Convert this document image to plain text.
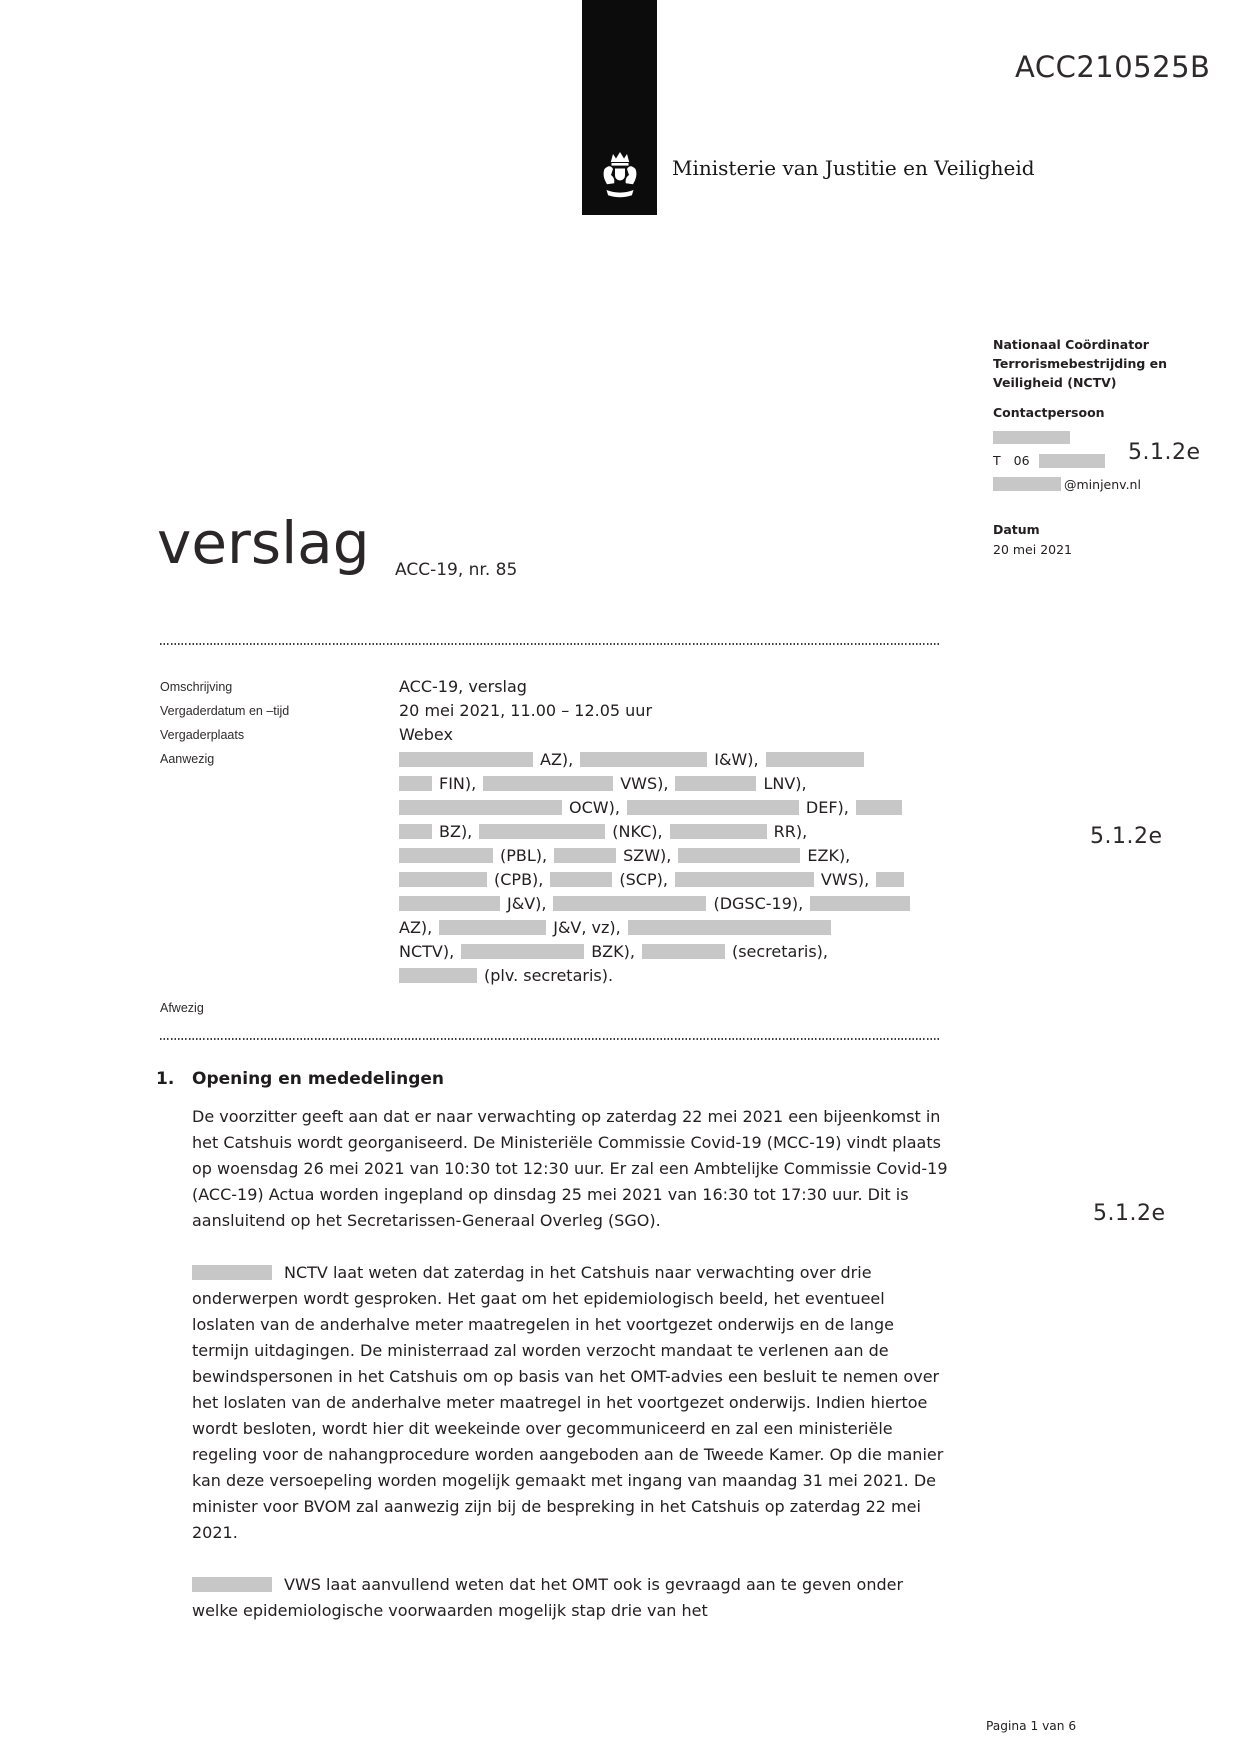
Ministerie van Justitie en Veiligheid
ACC210525B
Nationaal Coördinator Terrorismebestrijding en Veiligheid (NCTV)
Contactpersoon
T 06
@minjenv.nl
Datum
20 mei 2021
5.1.2e
verslag ACC-19, nr. 85
Omschrijving	ACC-19, verslag
Vergaderdatum en –tijd	20 mei 2021, 11.00 – 12.05 uur
Vergaderplaats	Webex
Aanwezig	AZ),	I&W),
FIN),	VWS),	LNV),
OCW),	DEF),
BZ),	(NKC),	RR),
(PBL),	SZW),	EZK),
(CPB),	(SCP),	VWS),
J&V),	(DGSC-19),
AZ),	J&V, vz),
NCTV),	BZK),	(secretaris),
(plv. secretaris).
5.1.2e
Afwezig
1.	Opening en mededelingen

De voorzitter geeft aan dat er naar verwachting op zaterdag 22 mei 2021 een bijeenkomst in het Catshuis wordt georganiseerd. De Ministeriële Commissie Covid-19 (MCC-19) vindt plaats op woensdag 26 mei 2021 van 10:30 tot 12:30 uur. Er zal een Ambtelijke Commissie Covid-19 (ACC-19) Actua worden ingepland op dinsdag 25 mei 2021 van 16:30 tot 17:30 uur. Dit is aansluitend op het Secretarissen-Generaal Overleg (SGO).

NCTV laat weten dat zaterdag in het Catshuis naar verwachting over drie onderwerpen wordt gesproken. Het gaat om het epidemiologisch beeld, het eventueel loslaten van de anderhalve meter maatregelen in het voortgezet onderwijs en de lange termijn uitdagingen. De ministerraad zal worden verzocht mandaat te verlenen aan de bewindspersonen in het Catshuis om op basis van het OMT-advies een besluit te nemen over het loslaten van de anderhalve meter maatregel in het voortgezet onderwijs. Indien hiertoe wordt besloten, wordt hier dit weekeinde over gecommuniceerd en zal een ministeriële regeling voor de nahangprocedure worden aangeboden aan de Tweede Kamer. Op die manier kan deze versoepeling worden mogelijk gemaakt met ingang van maandag 31 mei 2021. De minister voor BVOM zal aanwezig zijn bij de bespreking in het Catshuis op zaterdag 22 mei 2021.

VWS laat aanvullend weten dat het OMT ook is gevraagd aan te geven onder welke epidemiologische voorwaarden mogelijk stap drie van het

5.1.2e
Pagina 1 van 6
